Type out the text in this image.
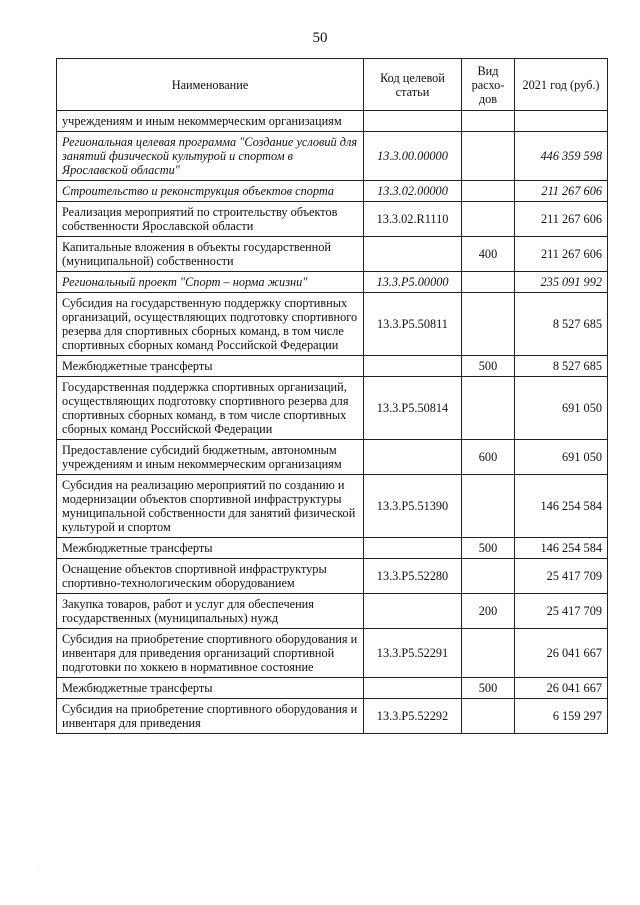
50
Наименование	Код целевой статьи	Вид расхо-дов	2021 год (руб.)
учреждениям и иным некоммерческим организациям			
Региональная целевая программа "Создание условий для занятий физической культурой и спортом в Ярославской области"	13.3.00.00000		446 359 598
Строительство и реконструкция объектов спорта	13.3.02.00000		211 267 606
Реализация мероприятий по строительству объектов собственности Ярославской области	13.3.02.R1110		211 267 606
Капитальные вложения в объекты государственной (муниципальной) собственности		400	211 267 606
Региональный проект "Спорт – норма жизни"	13.3.Р5.00000		235 091 992
Субсидия на государственную поддержку спортивных организаций, осуществляющих подготовку спортивного резерва для спортивных сборных команд, в том числе спортивных сборных команд Российской Федерации	13.3.Р5.50811		8 527 685
Межбюджетные трансферты		500	8 527 685
Государственная поддержка спортивных организаций, осуществляющих подготовку спортивного резерва для спортивных сборных команд, в том числе спортивных сборных команд Российской Федерации	13.3.Р5.50814		691 050
Предоставление субсидий бюджетным, автономным учреждениям и иным некоммерческим организациям		600	691 050
Субсидия на реализацию мероприятий по созданию и модернизации объектов спортивной инфраструктуры муниципальной собственности для занятий физической культурой и спортом	13.3.Р5.51390		146 254 584
Межбюджетные трансферты		500	146 254 584
Оснащение объектов спортивной инфраструктуры спортивно-технологическим оборудованием	13.3.Р5.52280		25 417 709
Закупка товаров, работ и услуг для обеспечения государственных (муниципальных) нужд		200	25 417 709
Субсидия на приобретение спортивного оборудования и инвентаря для приведения организаций спортивной подготовки по хоккею в нормативное состояние	13.3.Р5.52291		26 041 667
Межбюджетные трансферты		500	26 041 667
Субсидия на приобретение спортивного оборудования и инвентаря для приведения	13.3.Р5.52292		6 159 297
·
